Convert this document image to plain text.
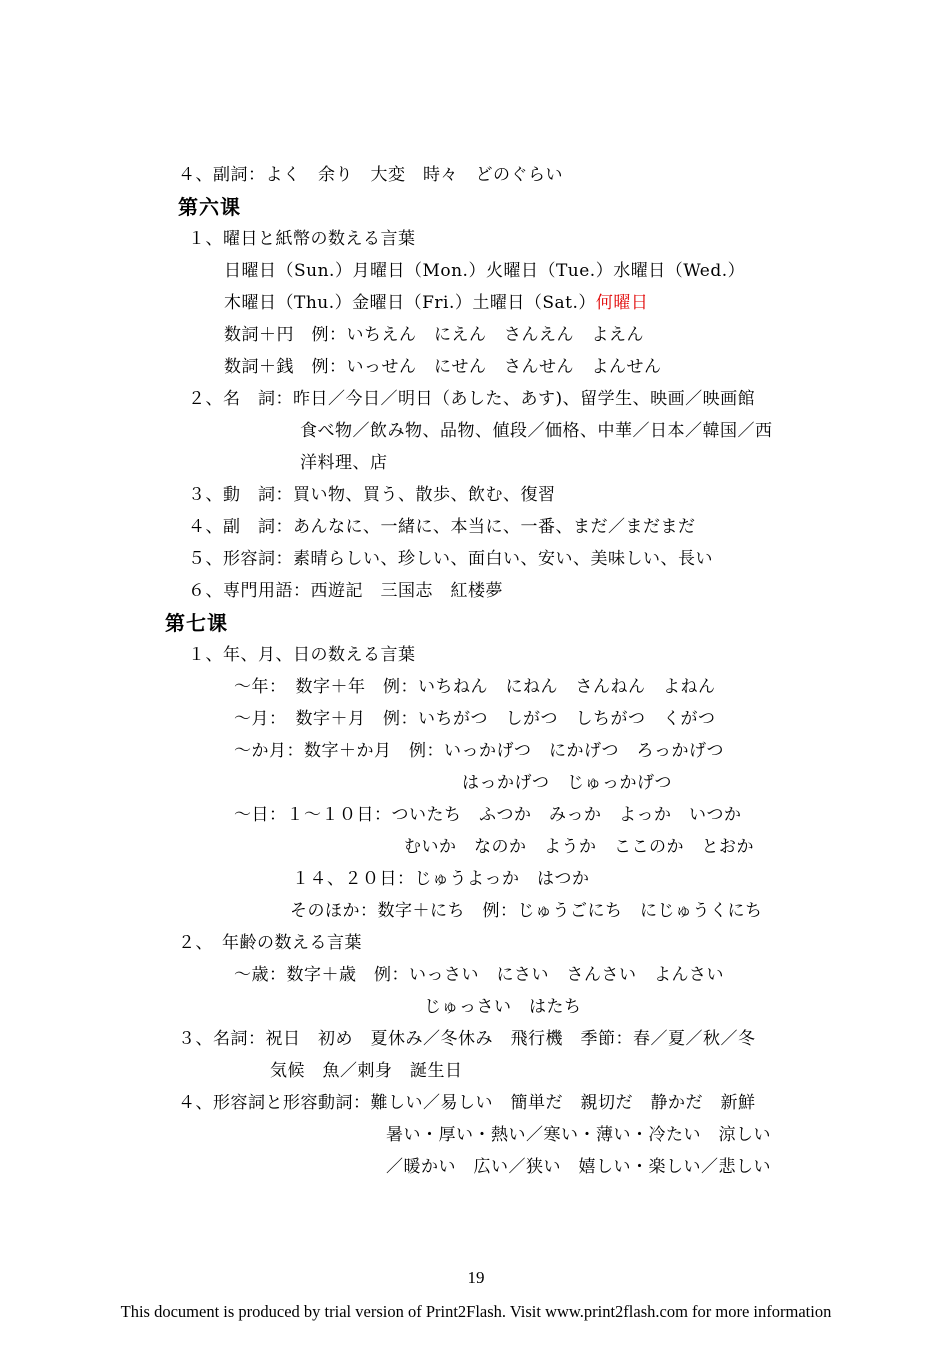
４、副詞：よく　余り　大変　時々　どのぐらい
第六课
１、曜日と紙幣の数える言葉
日曜日（Sun.）月曜日（Mon.）火曜日（Tue.）水曜日（Wed.）
木曜日（Thu.）金曜日（Fri.）土曜日（Sat.）何曜日
数詞＋円　例：いちえん　にえん　さんえん　よえん
数詞＋銭　例：いっせん　にせん　さんせん　よんせん
２、名　詞：昨日／今日／明日（あした、あす)、留学生、映画／映画館
食べ物／飲み物、品物、値段／価格、中華／日本／韓国／西
洋料理、店
３、動　詞：買い物、買う、散歩、飲む、復習
４、副　詞：あんなに、一緒に、本当に、一番、まだ／まだまだ
５、形容詞：素晴らしい、珍しい、面白い、安い、美味しい、長い
６、専門用語：西遊記　三国志　紅楼夢
第七课
１、年、月、日の数える言葉
～年：　数字＋年　例：いちねん　にねん　さんねん　よねん
～月：　数字＋月　例：いちがつ　しがつ　しちがつ　くがつ
～か月：数字＋か月　例：いっかげつ　にかげつ　ろっかげつ
はっかげつ　じゅっかげつ
～日：１～１０日：ついたち　ふつか　みっか　よっか　いつか
むいか　なのか　ようか　ここのか　とおか
１４、２０日：じゅうよっか　はつか
そのほか：数字＋にち　例：じゅうごにち　にじゅうくにち
２、　年齢の数える言葉
～歳：数字＋歳　例：いっさい　にさい　さんさい　よんさい
じゅっさい　はたち
３、名詞：祝日　初め　夏休み／冬休み　飛行機　季節：春／夏／秋／冬
気候　魚／刺身　誕生日
４、形容詞と形容動詞：難しい／易しい　簡単だ　親切だ　静かだ　新鮮
暑い・厚い・熱い／寒い・薄い・冷たい　涼しい
／暖かい　広い／狭い　嬉しい・楽しい／悲しい
19
This document is produced by trial version of Print2Flash. Visit www.print2flash.com for more information
